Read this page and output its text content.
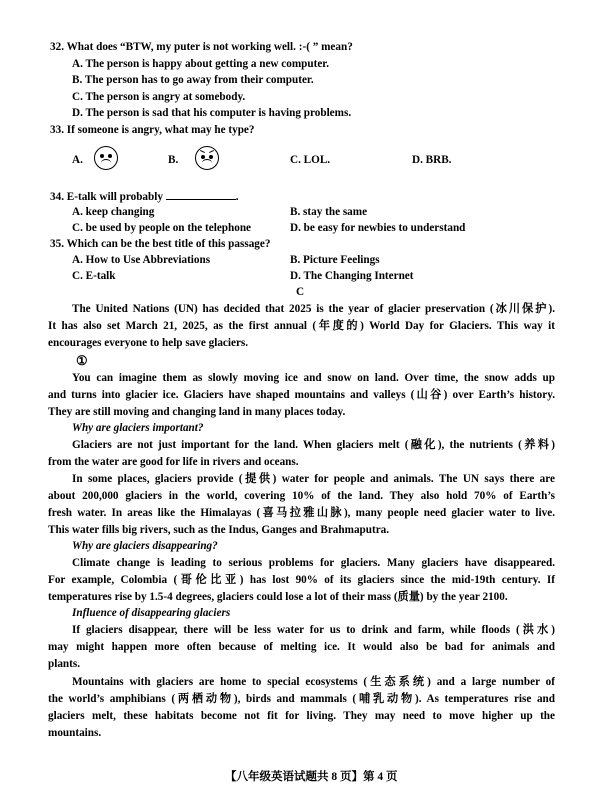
32. What does “BTW, my puter is not working well. :-( ” mean?
A. The person is happy about getting a new computer.
B. The person has to go away from their computer.
C. The person is angry at somebody.
D. The person is sad that his computer is having problems.
33. If someone is angry, what may he type?
A.	B.	C. LOL.	D. BRB.
34. E-talk will probably	.
A. keep changing	B. stay the same
C. be used by people on the telephone	D. be easy for newbies to understand
35. Which can be the best title of this passage?
A. How to Use Abbreviations	B. Picture Feelings
C. E-talk	D. The Changing Internet
C
The United Nations (UN) has decided that 2025 is the year of glacier preservation (冰川保护).
It has also set March 21, 2025, as the first annual (年度的) World Day for Glaciers. This way it
encourages everyone to help save glaciers.
①
You can imagine them as slowly moving ice and snow on land. Over time, the snow adds up
and turns into glacier ice. Glaciers have shaped mountains and valleys (山谷) over Earth’s history.
They are still moving and changing land in many places today.
Why are glaciers important?
Glaciers are not just important for the land. When glaciers melt (融化), the nutrients (养料)
from the water are good for life in rivers and oceans.
In some places, glaciers provide (提供) water for people and animals. The UN says there are
about 200,000 glaciers in the world, covering 10% of the land. They also hold 70% of Earth’s
fresh water. In areas like the Himalayas (喜马拉雅山脉), many people need glacier water to live.
This water fills big rivers, such as the Indus, Ganges and Brahmaputra.
Why are glaciers disappearing?
Climate change is leading to serious problems for glaciers. Many glaciers have disappeared.
For example, Colombia (哥伦比亚) has lost 90% of its glaciers since the mid-19th century. If
temperatures rise by 1.5-4 degrees, glaciers could lose a lot of their mass (质量) by the year 2100.
Influence of disappearing glaciers
If glaciers disappear, there will be less water for us to drink and farm, while floods (洪水)
may might happen more often because of melting ice. It would also be bad for animals and
plants.
Mountains with glaciers are home to special ecosystems (生态系统) and a large number of
the world’s amphibians (两栖动物), birds and mammals (哺乳动物). As temperatures rise and
glaciers melt, these habitats become not fit for living. They may need to move higher up the
mountains.
【八年级英语试题共 8 页】第 4 页
